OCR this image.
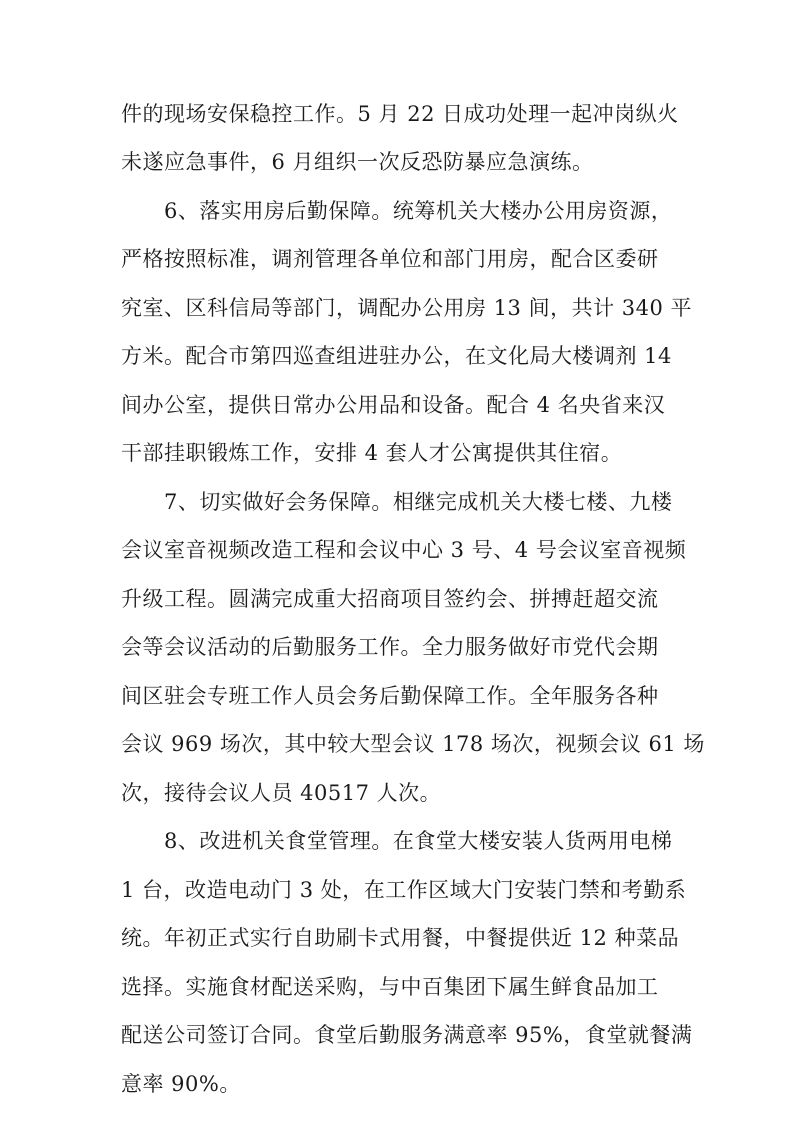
件的现场安保稳控工作。5 月 22 日成功处理一起冲岗纵火
未遂应急事件，6 月组织一次反恐防暴应急演练。
6、落实用房后勤保障。统筹机关大楼办公用房资源，
严格按照标准，调剂管理各单位和部门用房，配合区委研
究室、区科信局等部门，调配办公用房 13 间，共计 340 平
方米。配合市第四巡查组进驻办公，在文化局大楼调剂 14
间办公室，提供日常办公用品和设备。配合 4 名央省来汉
干部挂职锻炼工作，安排 4 套人才公寓提供其住宿。
7、切实做好会务保障。相继完成机关大楼七楼、九楼
会议室音视频改造工程和会议中心 3 号、4 号会议室音视频
升级工程。圆满完成重大招商项目签约会、拼搏赶超交流
会等会议活动的后勤服务工作。全力服务做好市党代会期
间区驻会专班工作人员会务后勤保障工作。全年服务各种
会议 969 场次，其中较大型会议 178 场次，视频会议 61 场
次，接待会议人员 40517 人次。
8、改进机关食堂管理。在食堂大楼安装人货两用电梯
1 台，改造电动门 3 处，在工作区域大门安装门禁和考勤系
统。年初正式实行自助刷卡式用餐，中餐提供近 12 种菜品
选择。实施食材配送采购，与中百集团下属生鲜食品加工
配送公司签订合同。食堂后勤服务满意率 95%，食堂就餐满
意率 90%。
